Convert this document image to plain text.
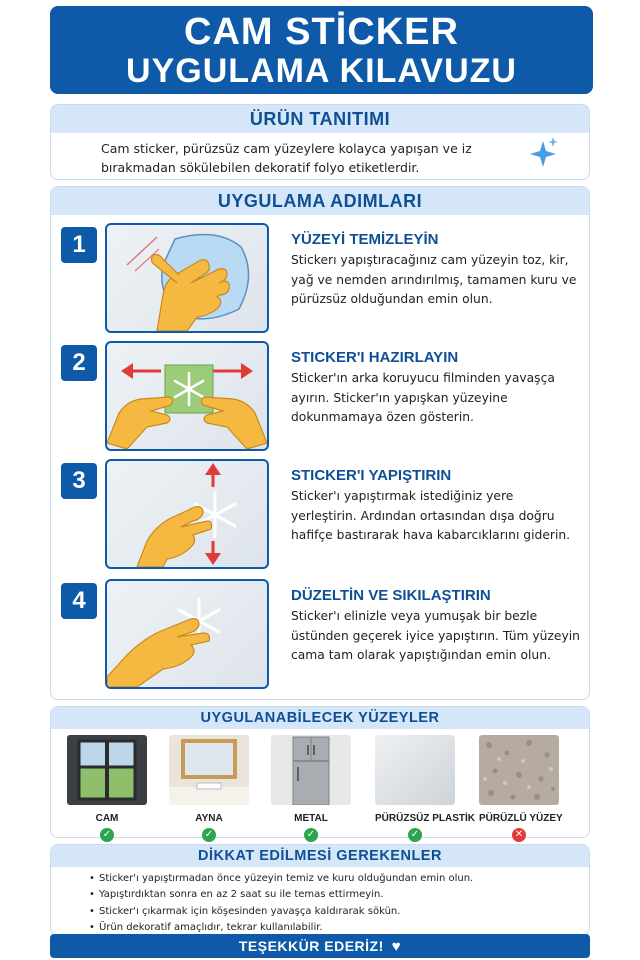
CAM STİCKER
UYGULAMA KILAVUZU
ÜRÜN TANITIMI
Cam sticker, pürüzsüz cam yüzeylere kolayca yapışan ve iz bırakmadan sökülebilen dekoratif folyo etiketlerdir.
UYGULAMA ADIMLARI
1	YÜZEYİ TEMİZLEYİN
Stickerı yapıştıracağınız cam yüzeyin toz, kir, yağ ve nemden arındırılmış, tamamen kuru ve pürüzsüz olduğundan emin olun.
2	STICKER'I HAZIRLAYIN
Sticker'ın arka koruyucu filminden yavaşça ayırın. Sticker'ın yapışkan yüzeyine dokunmamaya özen gösterin.
3	STICKER'I YAPIŞTIRIN
Sticker'ı yapıştırmak istediğiniz yere yerleştirin. Ardından ortasından dışa doğru hafifçe bastırarak hava kabarcıklarını giderin.
4	DÜZELTİN VE SIKILAŞTIRIN
Sticker'ı elinizle veya yumuşak bir bezle üstünden geçerek iyice yapıştırın. Tüm yüzeyin cama tam olarak yapıştığından emin olun.
UYGULANABİLECEK YÜZEYLER
CAM
✓
AYNA
✓
METAL
✓
PÜRÜZSÜZ PLASTİK
✓
PÜRÜZLÜ YÜZEY
✕
DİKKAT EDİLMESİ GEREKENLER
• Sticker'ı yapıştırmadan önce yüzeyin temiz ve kuru olduğundan emin olun.
• Yapıştırdıktan sonra en az 2 saat su ile temas ettirmeyin.
• Sticker'ı çıkarmak için köşesinden yavaşça kaldırarak sökün.
• Ürün dekoratif amaçlıdır, tekrar kullanılabilir.
TEŞEKKÜR EDERİZ! ♥
